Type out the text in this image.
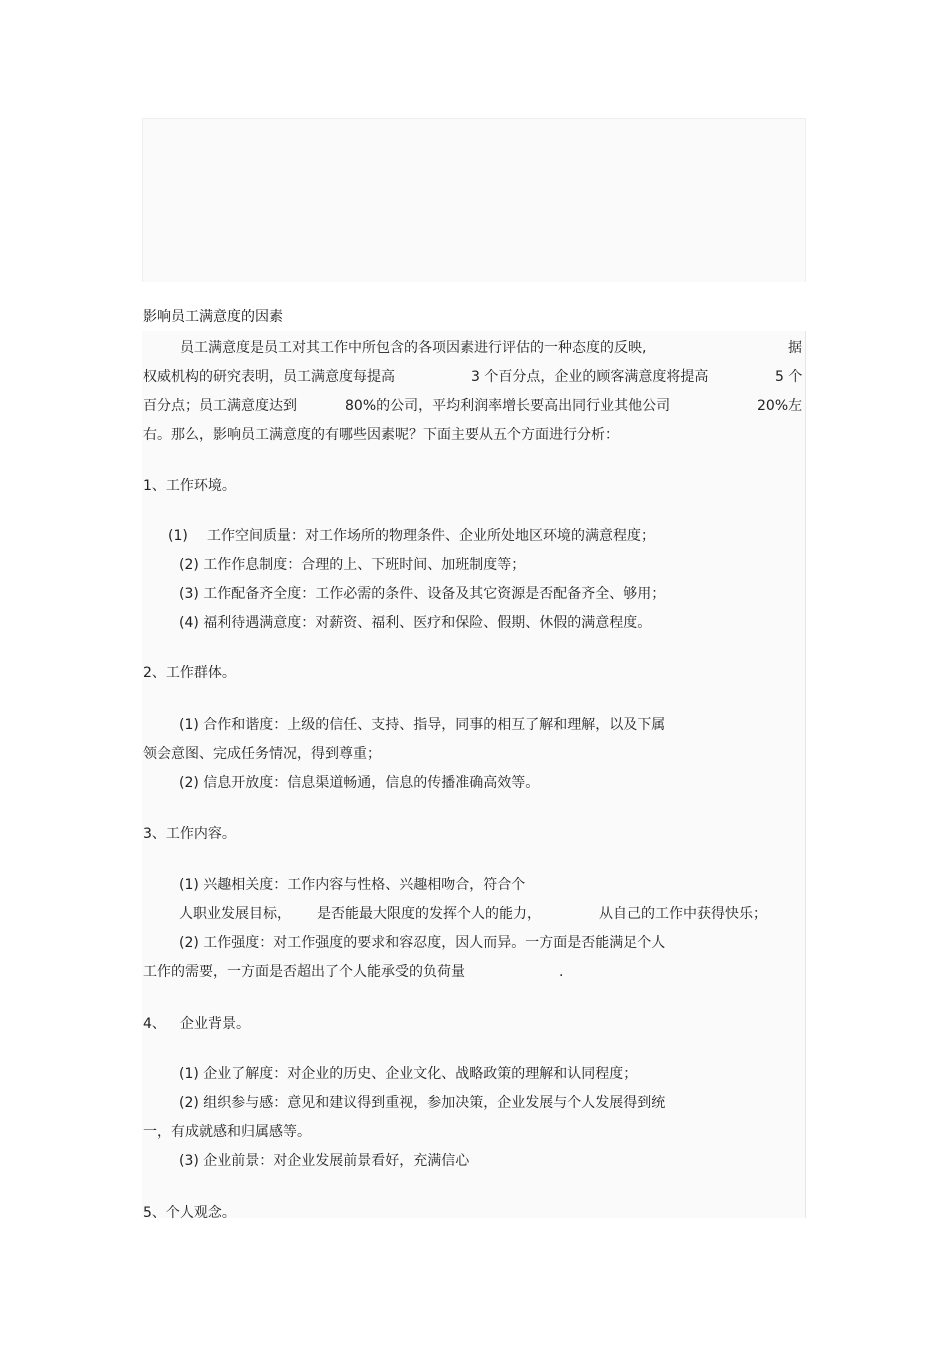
影响员工满意度的因素
员工满意度是员工对其工作中所包含的各项因素进行评估的一种态度的反映,	据
权威机构的研究表明，员工满意度每提高	3 个百分点，企业的顾客满意度将提高	5 个
百分点；员工满意度达到	80%的公司，平均利润率增长要高出同行业其他公司	20%左
右。那么，影响员工满意度的有哪些因素呢？下面主要从五个方面进行分析：
1、工作环境。
(1) 工作空间质量：对工作场所的物理条件、企业所处地区环境的满意程度；
(2) 工作作息制度：合理的上、下班时间、加班制度等；
(3) 工作配备齐全度：工作必需的条件、设备及其它资源是否配备齐全、够用；
(4) 福利待遇满意度：对薪资、福利、医疗和保险、假期、休假的满意程度。
2、工作群体。
(1) 合作和谐度：上级的信任、支持、指导，同事的相互了解和理解，以及下属
领会意图、完成任务情况，得到尊重；
(2) 信息开放度：信息渠道畅通，信息的传播准确高效等。
3、工作内容。
(1) 兴趣相关度：工作内容与性格、兴趣相吻合，符合个
人职业发展目标， 是否能最大限度的发挥个人的能力，	从自己的工作中获得快乐；
(2) 工作强度：对工作强度的要求和容忍度，因人而异。一方面是否能满足个人
工作的需要，一方面是否超出了个人能承受的负荷量	.
4、 企业背景。
(1) 企业了解度：对企业的历史、企业文化、战略政策的理解和认同程度；
(2) 组织参与感：意见和建议得到重视，参加决策，企业发展与个人发展得到统
一，有成就感和归属感等。
(3) 企业前景：对企业发展前景看好，充满信心
5、个人观念。
